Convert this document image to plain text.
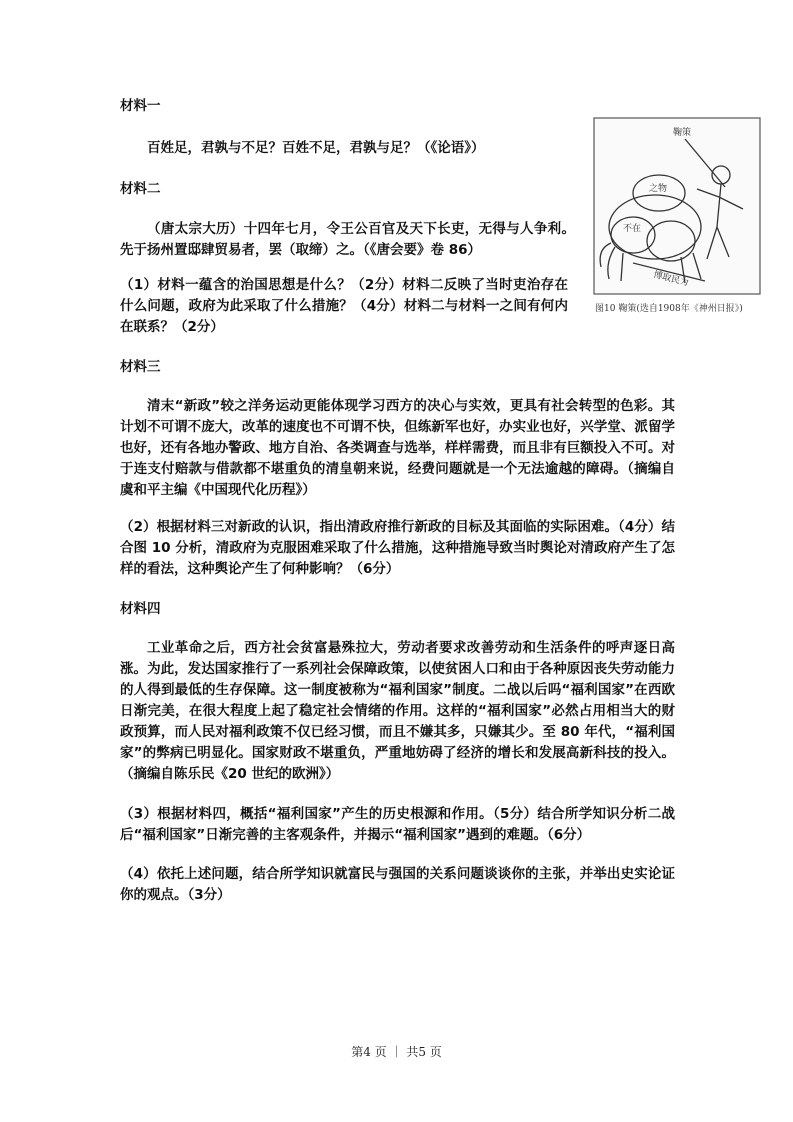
材料一
百姓足，君孰与不足？百姓不足，君孰与足？（《论语》）
材料二
（唐太宗大历）十四年七月，令王公百官及天下长吏，无得与人争利。先于扬州置邸肆贸易者，罢（取缔）之。（《唐会要》卷 86）
（1）材料一蕴含的治国思想是什么？（2分）材料二反映了当时吏治存在什么问题，政府为此采取了什么措施？（4分）材料二与材料一之间有何内在联系？（2分）
鞠策
之物
不在
博取民力
图10 鞠策(选自1908年《神州日报》)
材料三
清末“新政”较之洋务运动更能体现学习西方的决心与实效，更具有社会转型的色彩。其计划不可谓不庞大，改革的速度也不可谓不快，但练新军也好，办实业也好，兴学堂、派留学也好，还有各地办警政、地方自治、各类调查与选举，样样需费，而且非有巨额投入不可。对于连支付赔款与借款都不堪重负的清皇朝来说，经费问题就是一个无法逾越的障碍。（摘编自虞和平主编《中国现代化历程》）
（2）根据材料三对新政的认识，指出清政府推行新政的目标及其面临的实际困难。（4分）结合图 10 分析，清政府为克服困难采取了什么措施，这种措施导致当时舆论对清政府产生了怎样的看法，这种舆论产生了何种影响？（6分）
材料四
工业革命之后，西方社会贫富悬殊拉大，劳动者要求改善劳动和生活条件的呼声逐日高涨。为此，发达国家推行了一系列社会保障政策，以使贫困人口和由于各种原因丧失劳动能力的人得到最低的生存保障。这一制度被称为“福利国家”制度。二战以后吗“福利国家”在西欧日渐完美，在很大程度上起了稳定社会情绪的作用。这样的“福利国家”必然占用相当大的财政预算，而人民对福利政策不仅已经习惯，而且不嫌其多，只嫌其少。至 80 年代，“福利国家”的弊病已明显化。国家财政不堪重负，严重地妨碍了经济的增长和发展高新科技的投入。（摘编自陈乐民《20 世纪的欧洲》）
（3）根据材料四，概括“福利国家”产生的历史根源和作用。（5分）结合所学知识分析二战后“福利国家”日渐完善的主客观条件，并揭示“福利国家”遇到的难题。（6分）
（4）依托上述问题，结合所学知识就富民与强国的关系问题谈谈你的主张，并举出史实论证你的观点。（3分）
第4 页 ｜ 共5 页
